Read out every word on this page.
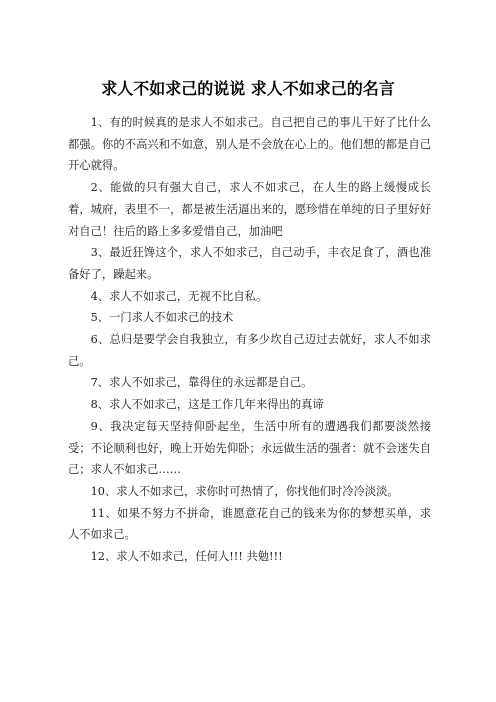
求人不如求己的说说 求人不如求己的名言

1、有的时候真的是求人不如求己。自己把自己的事儿干好了比什么都强。你的不高兴和不如意，别人是不会放在心上的。他们想的都是自己开心就得。

2、能做的只有强大自己，求人不如求己，在人生的路上缓慢成长着，城府，表里不一，都是被生活逼出来的，愿珍惜在单纯的日子里好好对自己！往后的路上多多爱惜自己，加油吧

3、最近狂馋这个，求人不如求己，自己动手，丰衣足食了，酒也准备好了，躁起来。

4、求人不如求己，无视不比自私。

5、一门求人不如求己的技术

6、总归是要学会自我独立，有多少坎自己迈过去就好，求人不如求己。

7、求人不如求己，靠得住的永远都是自己。

8、求人不如求己，这是工作几年来得出的真谛

9、我决定每天坚持仰卧起坐，生活中所有的遭遇我们都要淡然接受；不论顺利也好，晚上开始先仰卧；永远做生活的强者：就不会迷失自己；求人不如求己……

10、求人不如求己，求你时可热情了，你找他们时冷冷淡淡。

11、如果不努力不拼命，谁愿意花自己的钱来为你的梦想买单，求人不如求己。

12、求人不如求己，任何人!!! 共勉!!!
